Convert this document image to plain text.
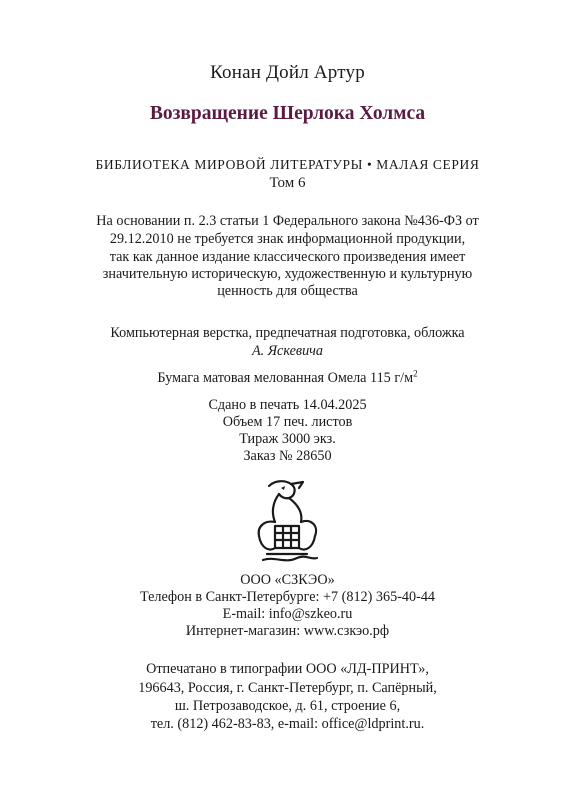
Конан Дойл Артур
Возвращение Шерлока Холмса
БИБЛИОТЕКА МИРОВОЙ ЛИТЕРАТУРЫ • МАЛАЯ СЕРИЯ
Том 6
На основании п. 2.3 статьи 1 Федерального закона №436-ФЗ от
29.12.2010 не требуется знак информационной продукции,
так как данное издание классического произведения имеет
значительную историческую, художественную и культурную
ценность для общества
Компьютерная верстка, предпечатная подготовка, обложка
А. Яскевича
Бумага матовая мелованная Омела 115 $г/м^2$
Сдано в печать 14.04.2025
Объем 17 печ. листов
Тираж 3000 экз.
Заказ № 28650
ООО «СЗКЭО»
Телефон в Санкт-Петербурге: +7 (812) 365-40-44
E-mail: info@szkeo.ru
Интернет-магазин: www.сзкэо.рф
Отпечатано в типографии ООО «ЛД-ПРИНТ»,
196643, Россия, г. Санкт-Петербург, п. Сапёрный,
ш. Петрозаводское, д. 61, строение 6,
тел. (812) 462-83-83, e-mail: office@ldprint.ru.
